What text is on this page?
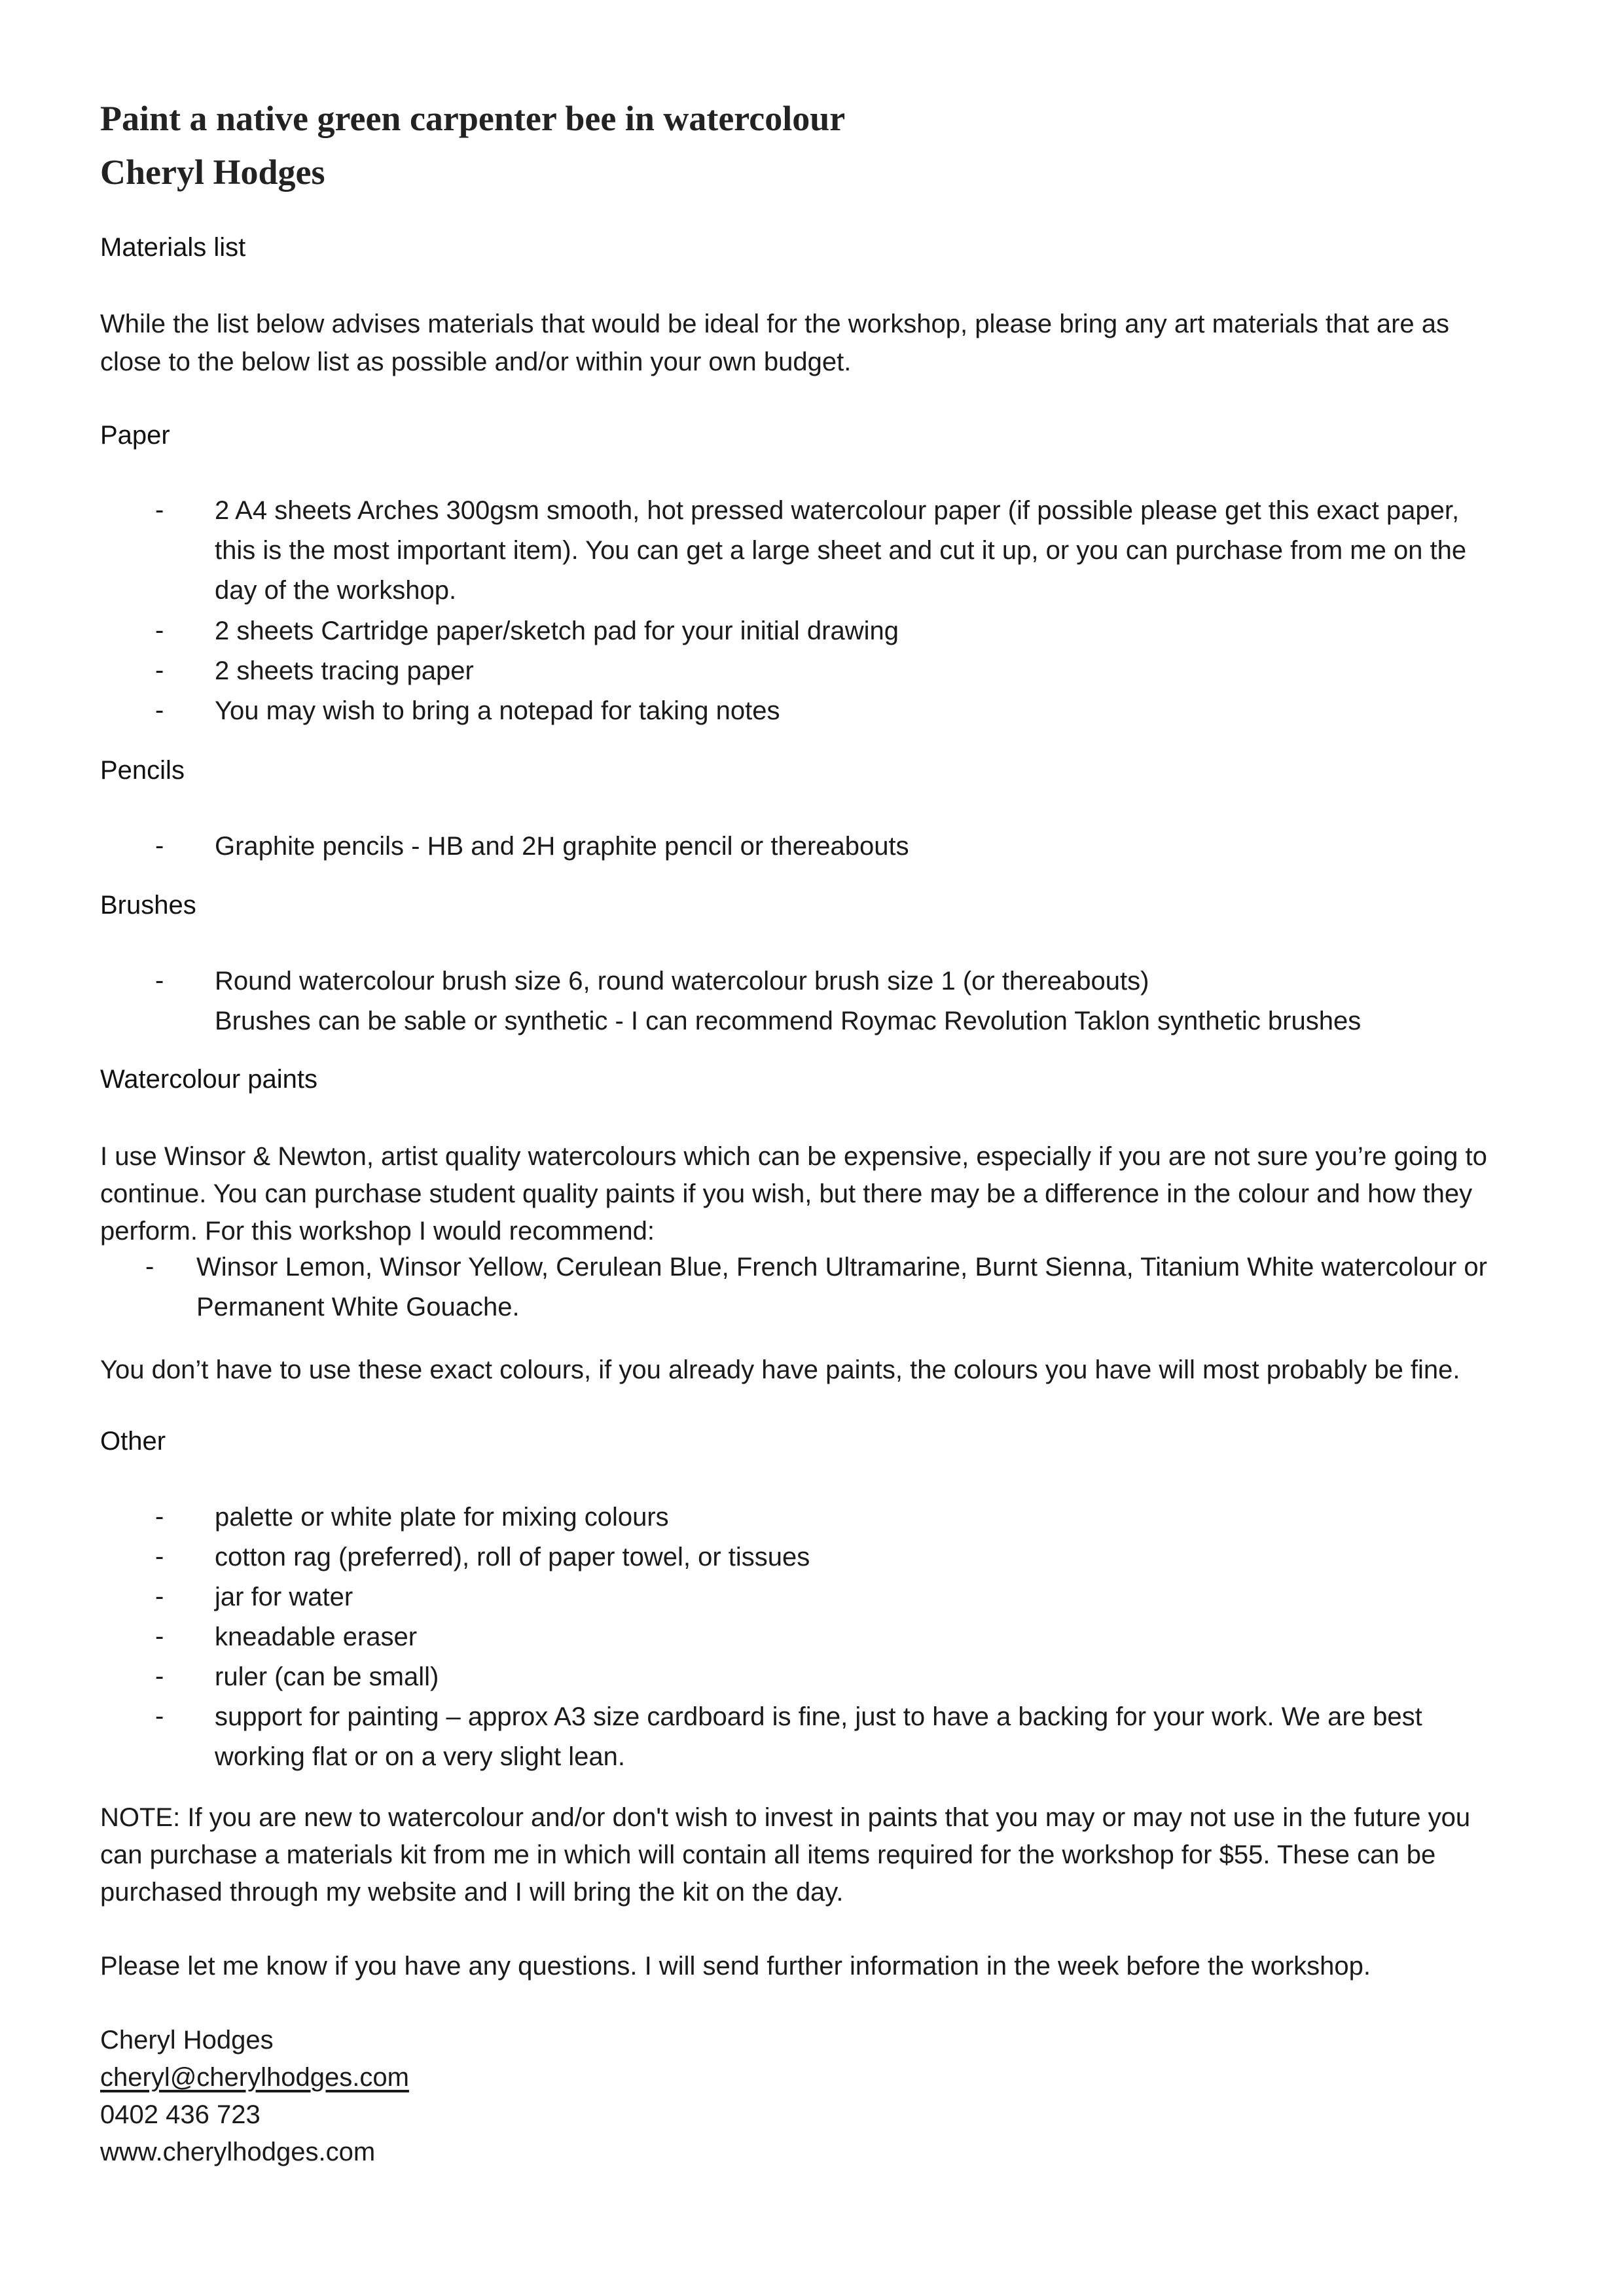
Paint a native green carpenter bee in watercolour
Cheryl Hodges
Materials list
While the list below advises materials that would be ideal for the workshop, please bring any art materials that are as
close to the below list as possible and/or within your own budget.
Paper
- 2 A4 sheets Arches 300gsm smooth, hot pressed watercolour paper (if possible please get this exact paper,
this is the most important item). You can get a large sheet and cut it up, or you can purchase from me on the
day of the workshop.
- 2 sheets Cartridge paper/sketch pad for your initial drawing
- 2 sheets tracing paper
- You may wish to bring a notepad for taking notes
Pencils
- Graphite pencils - HB and 2H graphite pencil or thereabouts
Brushes
- Round watercolour brush size 6, round watercolour brush size 1 (or thereabouts)
Brushes can be sable or synthetic - I can recommend Roymac Revolution Taklon synthetic brushes
Watercolour paints
I use Winsor & Newton, artist quality watercolours which can be expensive, especially if you are not sure you’re going to
continue. You can purchase student quality paints if you wish, but there may be a difference in the colour and how they
perform. For this workshop I would recommend:
- Winsor Lemon, Winsor Yellow, Cerulean Blue, French Ultramarine, Burnt Sienna, Titanium White watercolour or
Permanent White Gouache.
You don’t have to use these exact colours, if you already have paints, the colours you have will most probably be fine.
Other
- palette or white plate for mixing colours
- cotton rag (preferred), roll of paper towel, or tissues
- jar for water
- kneadable eraser
- ruler (can be small)
- support for painting – approx A3 size cardboard is fine, just to have a backing for your work. We are best
working flat or on a very slight lean.
NOTE: If you are new to watercolour and/or don't wish to invest in paints that you may or may not use in the future you
can purchase a materials kit from me in which will contain all items required for the workshop for $55. These can be
purchased through my website and I will bring the kit on the day.
Please let me know if you have any questions. I will send further information in the week before the workshop.
Cheryl Hodges
cheryl@cherylhodges.com
0402 436 723
www.cherylhodges.com
